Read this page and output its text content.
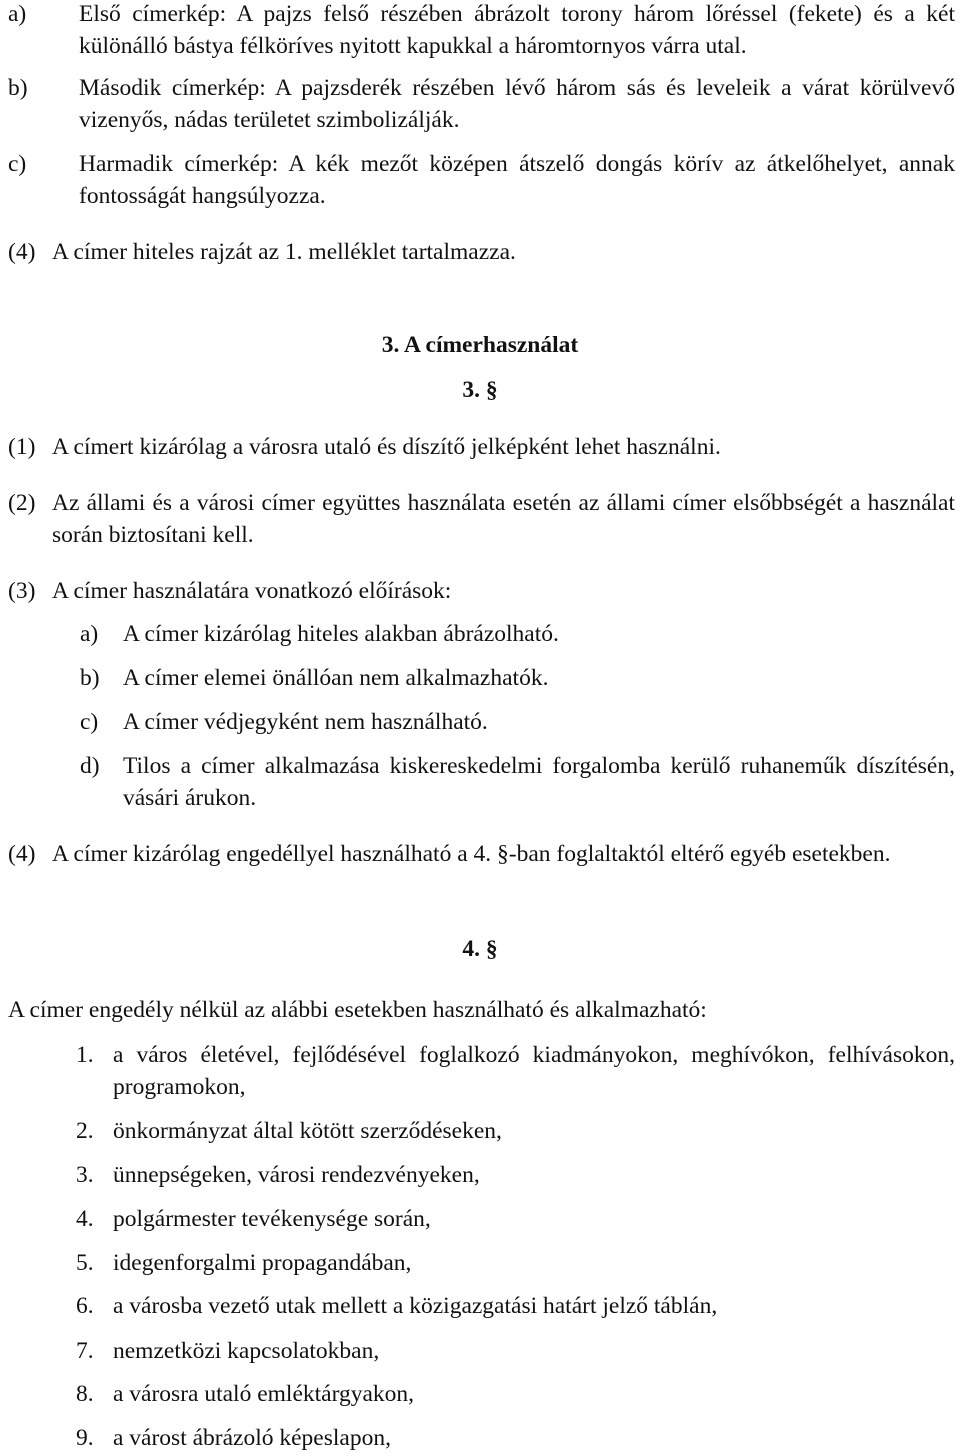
a) Első címerkép: A pajzs felső részében ábrázolt torony három lőréssel (fekete) és a két különálló bástya félköríves nyitott kapukkal a háromtornyos várra utal.
b) Második címerkép: A pajzsderék részében lévő három sás és leveleik a várat körülvevő vizenyős, nádas területet szimbolizálják.
c) Harmadik címerkép: A kék mezőt középen átszelő dongás körív az átkelőhelyet, annak fontosságát hangsúlyozza.
(4) A címer hiteles rajzát az 1. melléklet tartalmazza.
3. A címerhasználat
3. §
(1) A címert kizárólag a városra utaló és díszítő jelképként lehet használni.
(2) Az állami és a városi címer együttes használata esetén az állami címer elsőbbségét a használat során biztosítani kell.
(3) A címer használatára vonatkozó előírások:
a) A címer kizárólag hiteles alakban ábrázolható.
b) A címer elemei önállóan nem alkalmazhatók.
c) A címer védjegyként nem használható.
d) Tilos a címer alkalmazása kiskereskedelmi forgalomba kerülő ruhaneműk díszítésén, vásári árukon.
(4) A címer kizárólag engedéllyel használható a 4. §-ban foglaltaktól eltérő egyéb esetekben.
4. §
A címer engedély nélkül az alábbi esetekben használható és alkalmazható:
1. a város életével, fejlődésével foglalkozó kiadmányokon, meghívókon, felhívásokon, programokon,
2. önkormányzat által kötött szerződéseken,
3. ünnepségeken, városi rendezvényeken,
4. polgármester tevékenysége során,
5. idegenforgalmi propagandában,
6. a városba vezető utak mellett a közigazgatási határt jelző táblán,
7. nemzetközi kapcsolatokban,
8. a városra utaló emléktárgyakon,
9. a várost ábrázoló képeslapon,
